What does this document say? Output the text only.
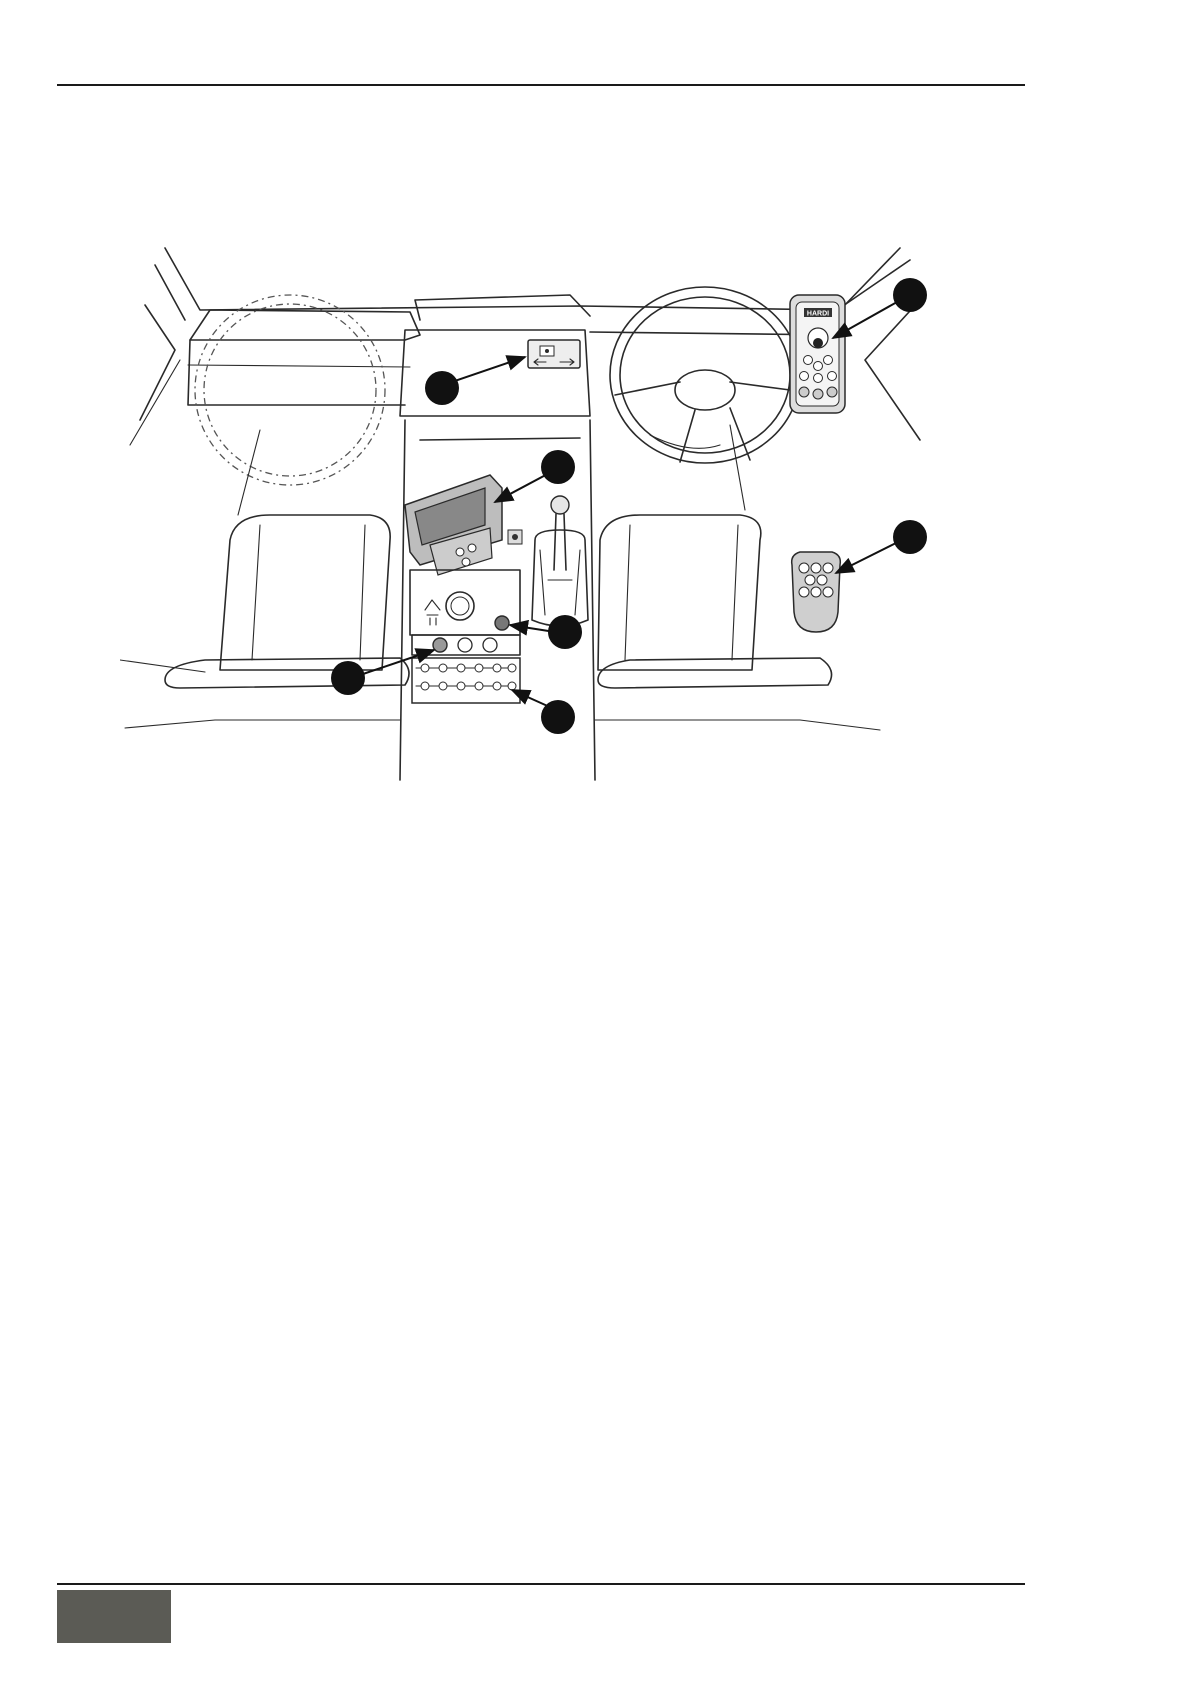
HARDI
